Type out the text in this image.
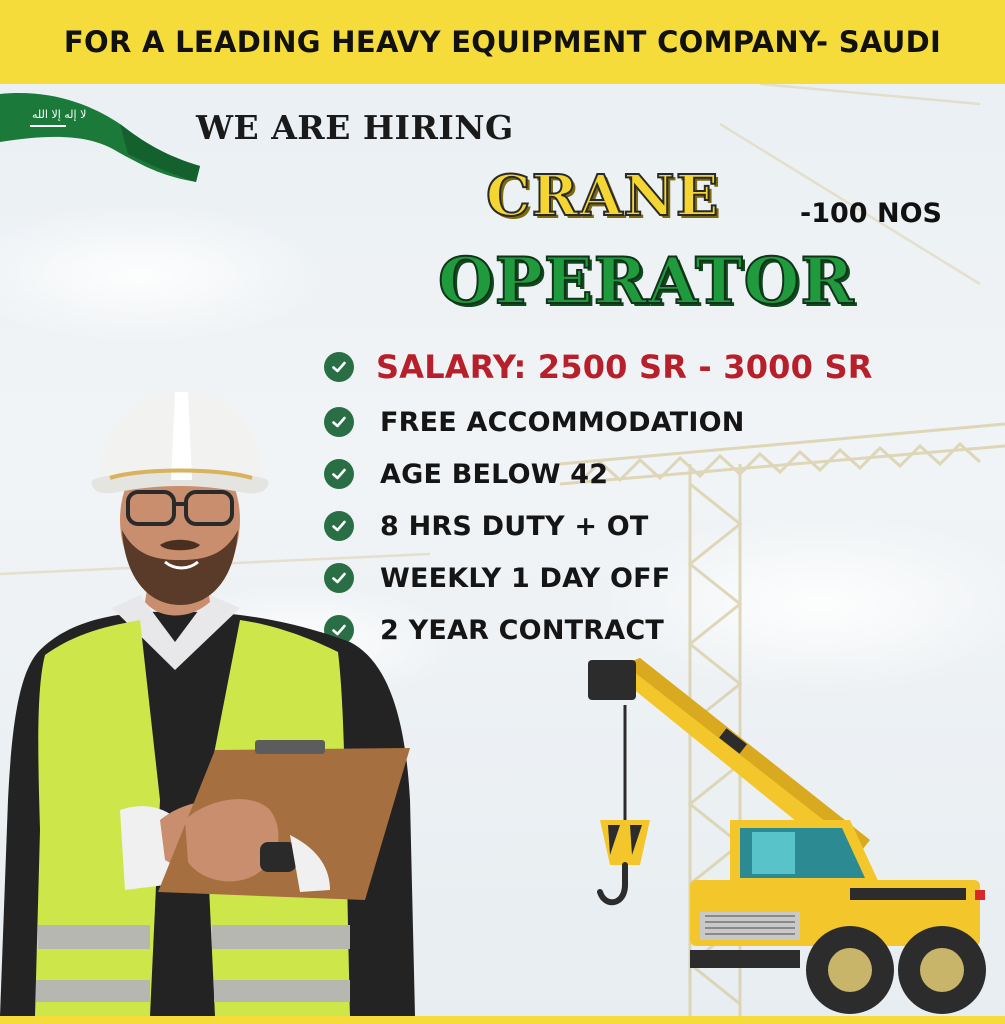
FOR A LEADING HEAVY EQUIPMENT COMPANY- SAUDI
ﻻ إله إلا الله	WE ARE HIRING
CRANE
OPERATOR
-100 NOS
SALARY: 2500 SR - 3000 SR
FREE ACCOMMODATION
AGE BELOW 42
8 HRS DUTY + OT
WEEKLY 1 DAY OFF
2 YEAR CONTRACT
